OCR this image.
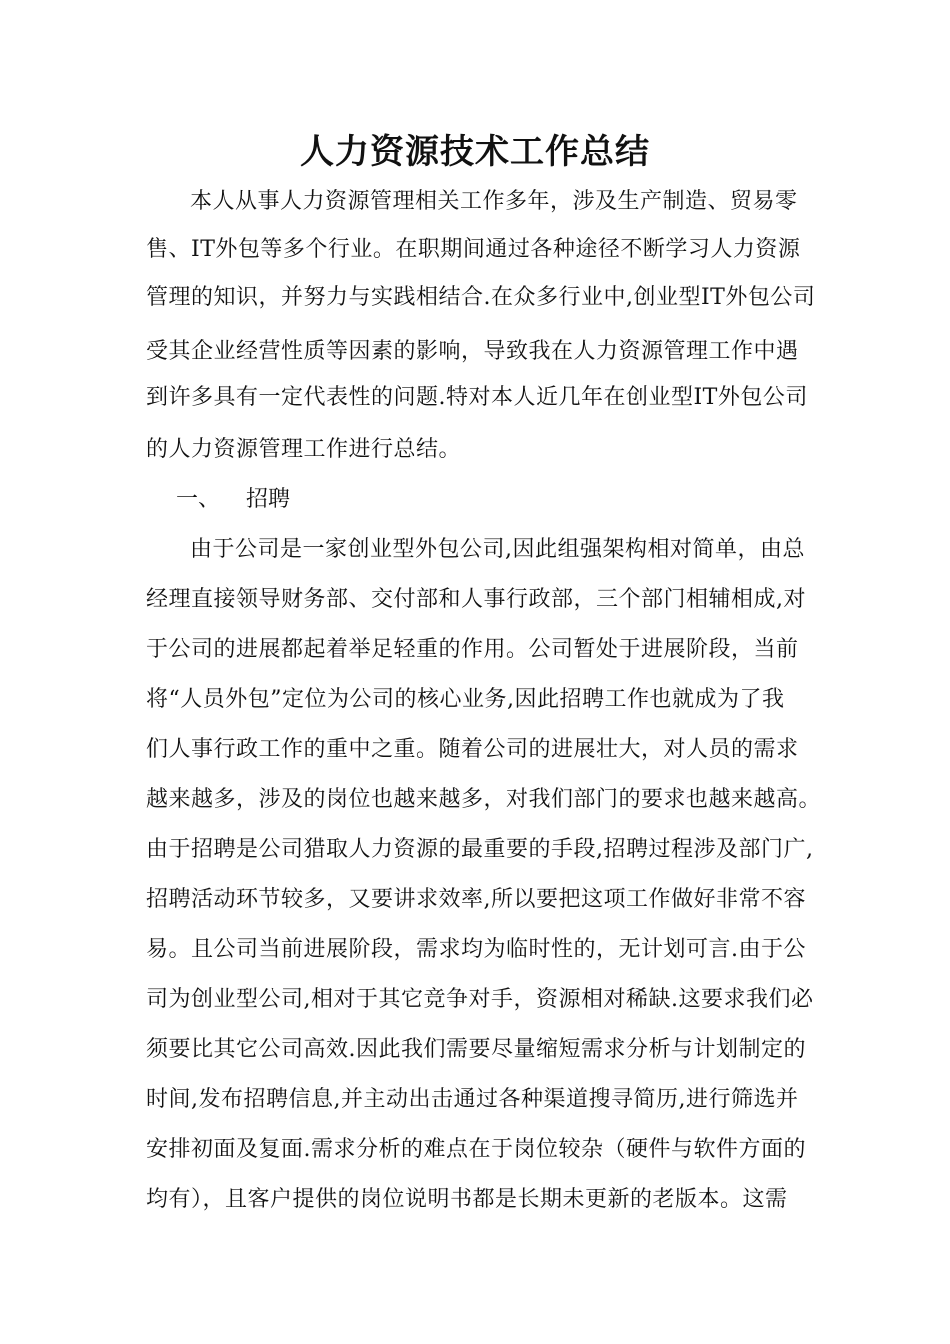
人力资源技术工作总结
本人从事人力资源管理相关工作多年，涉及生产制造、贸易零
售、IT外包等多个行业。在职期间通过各种途径不断学习人力资源
管理的知识，并努力与实践相结合.在众多行业中,创业型IT外包公司
受其企业经营性质等因素的影响，导致我在人力资源管理工作中遇
到许多具有一定代表性的问题.特对本人近几年在创业型IT外包公司
的人力资源管理工作进行总结。
一、 招聘
由于公司是一家创业型外包公司,因此组强架构相对简单，由总
经理直接领导财务部、交付部和人事行政部，三个部门相辅相成,对
于公司的进展都起着举足轻重的作用。公司暂处于进展阶段，当前
将“人员外包”定位为公司的核心业务,因此招聘工作也就成为了我
们人事行政工作的重中之重。随着公司的进展壮大，对人员的需求
越来越多，涉及的岗位也越来越多，对我们部门的要求也越来越高。
由于招聘是公司猎取人力资源的最重要的手段,招聘过程涉及部门广,
招聘活动环节较多，又要讲求效率,所以要把这项工作做好非常不容
易。且公司当前进展阶段，需求均为临时性的，无计划可言.由于公
司为创业型公司,相对于其它竞争对手，资源相对稀缺.这要求我们必
须要比其它公司高效.因此我们需要尽量缩短需求分析与计划制定的
时间,发布招聘信息,并主动出击通过各种渠道搜寻简历,进行筛选并
安排初面及复面.需求分析的难点在于岗位较杂（硬件与软件方面的
均有），且客户提供的岗位说明书都是长期未更新的老版本。这需
